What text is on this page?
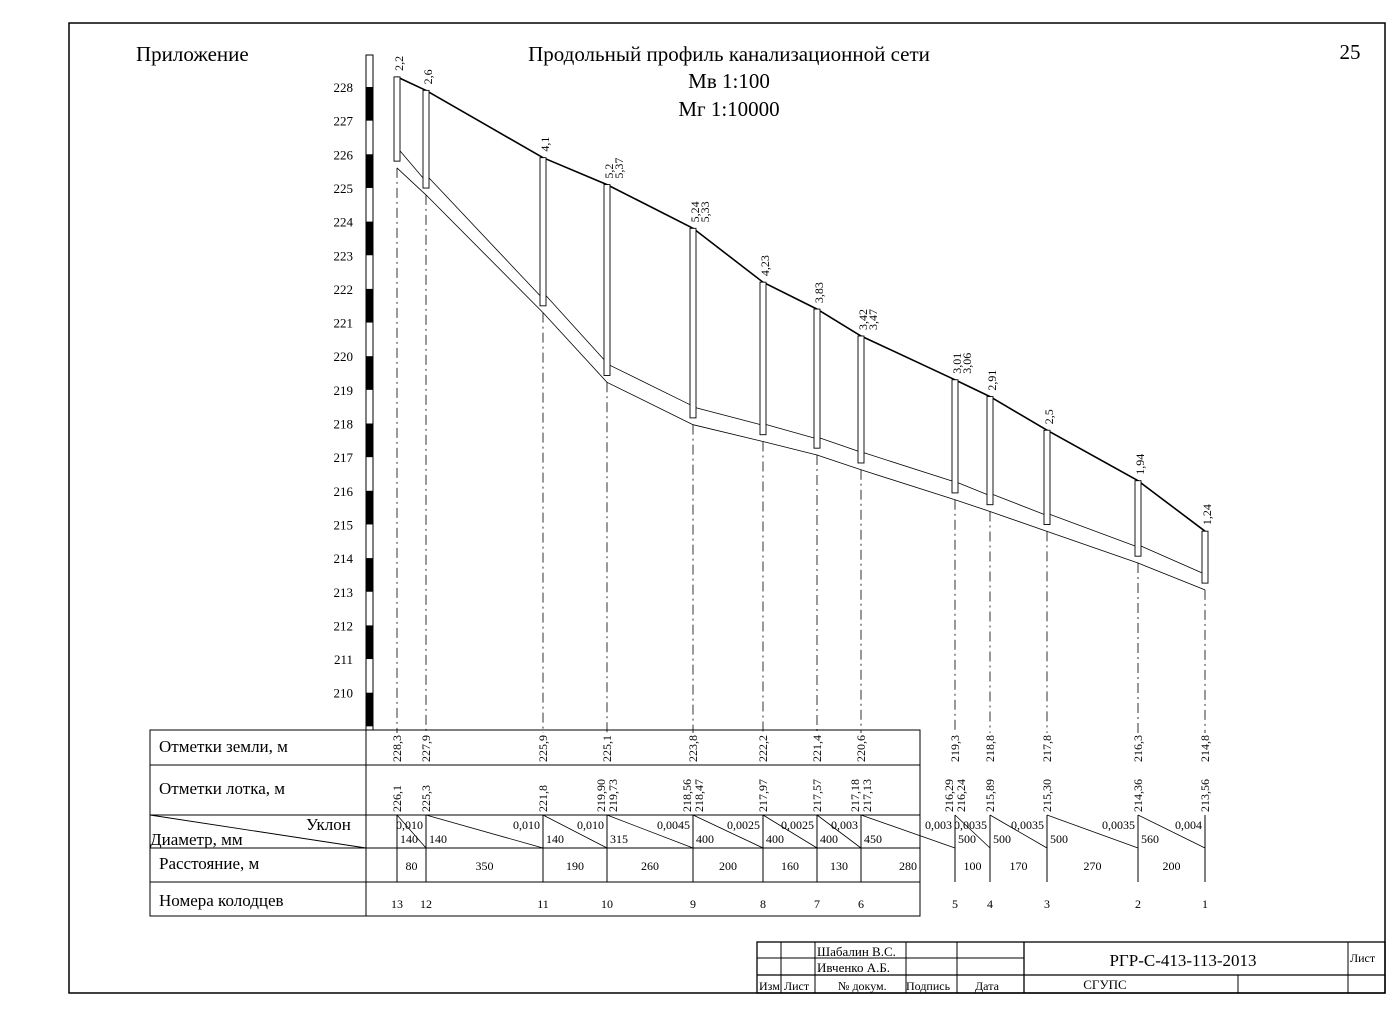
Приложение	25
Продольный профиль канализационной сети
Мв 1:100
Мг 1:10000
228
227
226
225
224
223
222
221
220
219
218
217
216
215
214
213
212
211
210
2,2
2,6
4,1
5,2
5,37
5,24
5,33
4,23
3,83
3,42
3,47
3,01
3,06
2,91
2,5
1,94
1,24
Отметки земли, м
Отметки лотка, м
Уклон
Диаметр, мм
Расстояние, м
Номера колодцев
228,3
226,1
13
227,9
225,3
12
225,9
221,8
11
225,1
219,90
219,73
10
223,8
218,56
218,47
9
222,2
217,97
8
221,4
217,57
7
220,6
217,18
217,13
6
219,3
216,29
216,24
5
218,8
215,89
4
217,8
215,30
3
216,3
214,36
2
214,8
213,56
1
0,010
140
80
0,010
140
350
0,010
140
190
0,0045
315
260
0,0025
400
200
0,0025
400
160
0,003
400
130
0,003
450
280
0,0035
500
100
0,0035
500
170
0,0035
500
270
0,004
560
200
Шабалин В.С.
Ивченко А.Б.
Изм Лист № докум. Подпись Дата
РГР-С-413-113-2013
СГУПС
Лист
